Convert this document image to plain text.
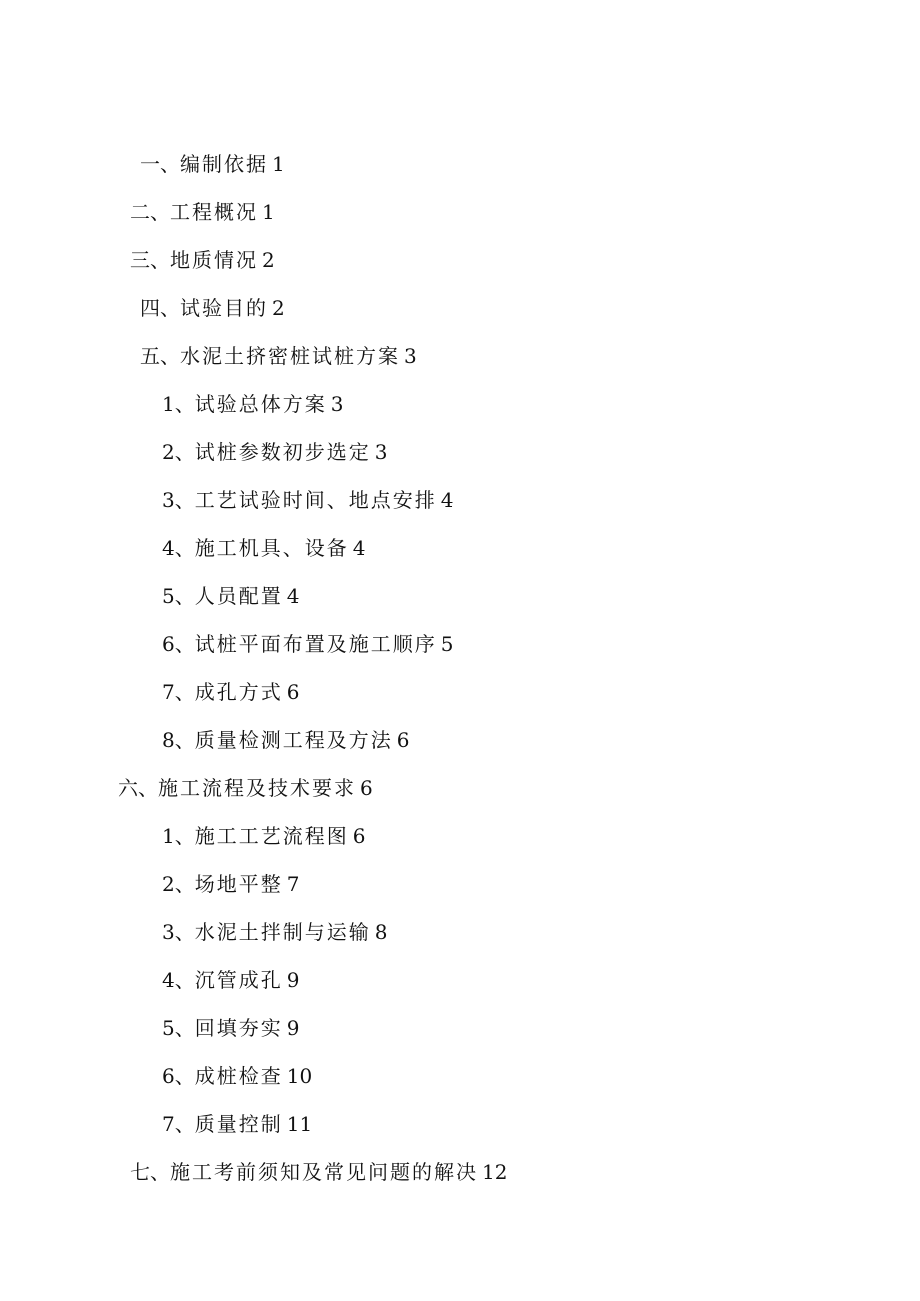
一、编制依据 1
二、工程概况 1
三、地质情况 2
四、试验目的 2
五、水泥土挤密桩试桩方案 3
1、试验总体方案 3
2、试桩参数初步选定 3
3、工艺试验时间、地点安排 4
4、施工机具、设备 4
5、人员配置 4
6、试桩平面布置及施工顺序 5
7、成孔方式 6
8、质量检测工程及方法 6
六、施工流程及技术要求 6
1、施工工艺流程图 6
2、场地平整 7
3、水泥土拌制与运输 8
4、沉管成孔 9
5、回填夯实 9
6、成桩检查 10
7、质量控制 11
七、施工考前须知及常见问题的解决 12
